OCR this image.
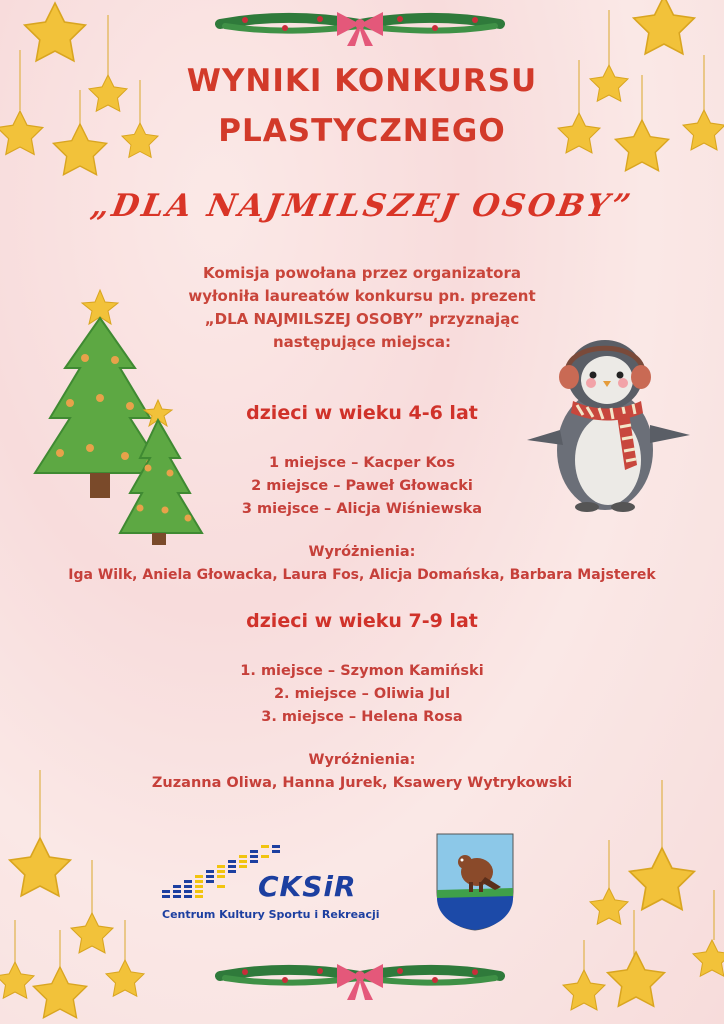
WYNIKI KONKURSU
PLASTYCZNEGO
„DLA NAJMILSZEJ OSOBY”
Komisja powołana przez organizatora
wyłoniła laureatów konkursu pn. prezent
„DLA NAJMILSZEJ OSOBY” przyznając
następujące miejsca:
dzieci w wieku 4-6 lat
1 miejsce – Kacper Kos
2 miejsce – Paweł Głowacki
3 miejsce – Alicja Wiśniewska
Wyróżnienia:
Iga Wilk, Aniela Głowacka, Laura Fos, Alicja Domańska, Barbara Majsterek
dzieci w wieku 7-9 lat
1. miejsce – Szymon Kamiński
2. miejsce – Oliwia Jul
3. miejsce – Helena Rosa
Wyróżnienia:
Zuzanna Oliwa, Hanna Jurek, Ksawery Wytrykowski
CKSiR
Centrum Kultury Sportu i Rekreacji
